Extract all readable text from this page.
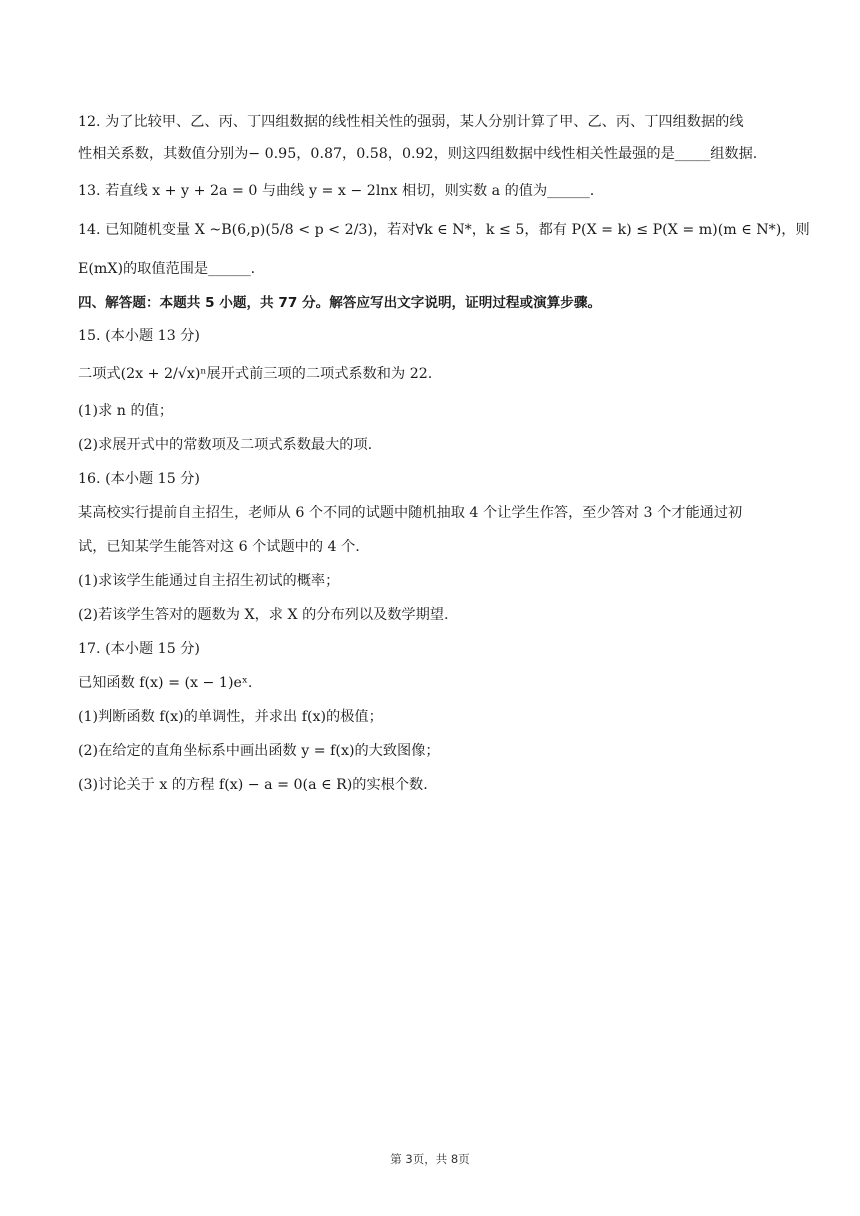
12. 为了比较甲、乙、丙、丁四组数据的线性相关性的强弱，某人分别计算了甲、乙、丙、丁四组数据的线
性相关系数，其数值分别为− 0.95，0.87，0.58，0.92，则这四组数据中线性相关性最强的是_____组数据.
13. 若直线 x + y + 2a = 0 与曲线 y = x − 2lnx 相切，则实数 a 的值为______.
14. 已知随机变量 X ~B(6,p)(5/8 < p < 2/3)，若对∀k ∈ N*，k ≤ 5，都有 P(X = k) ≤ P(X = m)(m ∈ N*)，则
E(mX)的取值范围是______.
四、解答题：本题共 5 小题，共 77 分。解答应写出文字说明，证明过程或演算步骤。
15. (本小题 13 分)
二项式(2x + 2/√x)ⁿ展开式前三项的二项式系数和为 22.
(1)求 n 的值；
(2)求展开式中的常数项及二项式系数最大的项.
16. (本小题 15 分)
某高校实行提前自主招生，老师从 6 个不同的试题中随机抽取 4 个让学生作答，至少答对 3 个才能通过初
试，已知某学生能答对这 6 个试题中的 4 个.
(1)求该学生能通过自主招生初试的概率；
(2)若该学生答对的题数为 X，求 X 的分布列以及数学期望.
17. (本小题 15 分)
已知函数 f(x) = (x − 1)eˣ.
(1)判断函数 f(x)的单调性，并求出 f(x)的极值；
(2)在给定的直角坐标系中画出函数 y = f(x)的大致图像；
(3)讨论关于 x 的方程 f(x) − a = 0(a ∈ R)的实根个数.
第 3页，共 8页
